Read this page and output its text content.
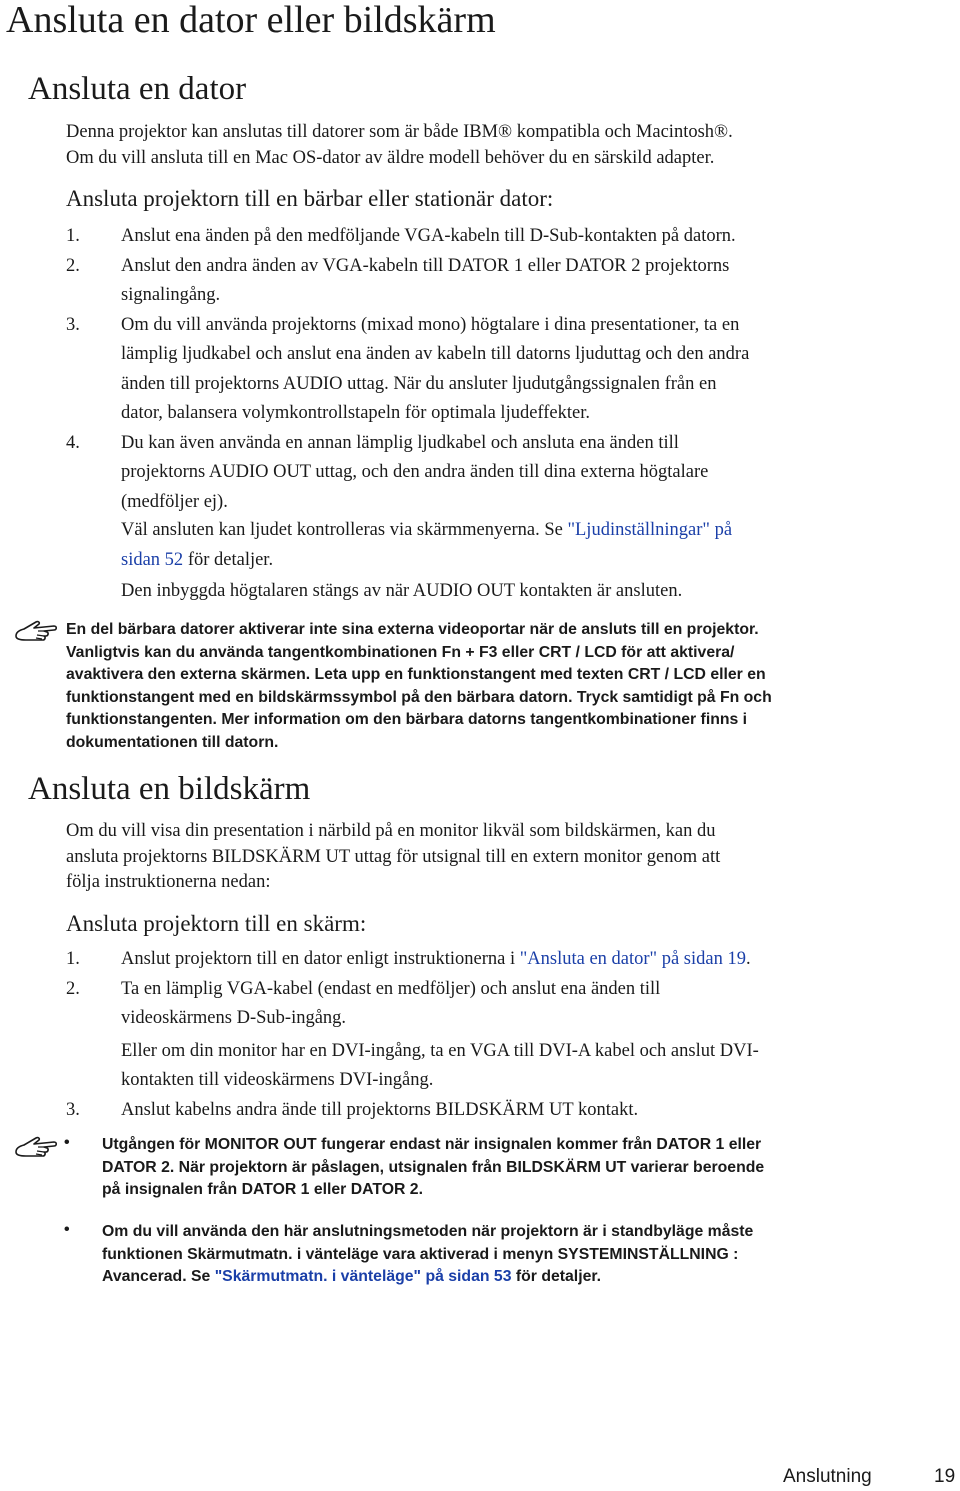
Ansluta en dator eller bildskärm
Ansluta en dator
Denna projektor kan anslutas till datorer som är både IBM® kompatibla och Macintosh®.
Om du vill ansluta till en Mac OS-dator av äldre modell behöver du en särskild adapter.
Ansluta projektorn till en bärbar eller stationär dator:
1. Anslut ena änden på den medföljande VGA-kabeln till D-Sub-kontakten på datorn.
2. Anslut den andra änden av VGA-kabeln till DATOR 1 eller DATOR 2 projektorns
signalingång.
3. Om du vill använda projektorns (mixad mono) högtalare i dina presentationer, ta en
lämplig ljudkabel och anslut ena änden av kabeln till datorns ljuduttag och den andra
änden till projektorns AUDIO uttag. När du ansluter ljudutgångssignalen från en
dator, balansera volymkontrollstapeln för optimala ljudeffekter.
4. Du kan även använda en annan lämplig ljudkabel och ansluta ena änden till
projektorns AUDIO OUT uttag, och den andra änden till dina externa högtalare
(medföljer ej).
Väl ansluten kan ljudet kontrolleras via skärmmenyerna. Se "Ljudinställningar" på
sidan 52 för detaljer.
Den inbyggda högtalaren stängs av när AUDIO OUT kontakten är ansluten.
En del bärbara datorer aktiverar inte sina externa videoportar när de ansluts till en projektor.
Vanligtvis kan du använda tangentkombinationen Fn + F3 eller CRT / LCD för att aktivera/
avaktivera den externa skärmen. Leta upp en funktionstangent med texten CRT / LCD eller en
funktionstangent med en bildskärmssymbol på den bärbara datorn. Tryck samtidigt på Fn och
funktionstangenten. Mer information om den bärbara datorns tangentkombinationer finns i
dokumentationen till datorn.
Ansluta en bildskärm
Om du vill visa din presentation i närbild på en monitor likväl som bildskärmen, kan du
ansluta projektorns BILDSKÄRM UT uttag för utsignal till en extern monitor genom att
följa instruktionerna nedan:
Ansluta projektorn till en skärm:
1. Anslut projektorn till en dator enligt instruktionerna i "Ansluta en dator" på sidan 19.
2. Ta en lämplig VGA-kabel (endast en medföljer) och anslut ena änden till
videoskärmens D-Sub-ingång.
Eller om din monitor har en DVI-ingång, ta en VGA till DVI-A kabel och anslut DVI-
kontakten till videoskärmens DVI-ingång.
3. Anslut kabelns andra ände till projektorns BILDSKÄRM UT kontakt.
• Utgången för MONITOR OUT fungerar endast när insignalen kommer från DATOR 1 eller
DATOR 2. När projektorn är påslagen, utsignalen från BILDSKÄRM UT varierar beroende
på insignalen från DATOR 1 eller DATOR 2.
• Om du vill använda den här anslutningsmetoden när projektorn är i standbyläge måste
funktionen Skärmutmatn. i vänteläge vara aktiverad i menyn SYSTEMINSTÄLLNING :
Avancerad. Se "Skärmutmatn. i vänteläge" på sidan 53 för detaljer.
Anslutning	19
